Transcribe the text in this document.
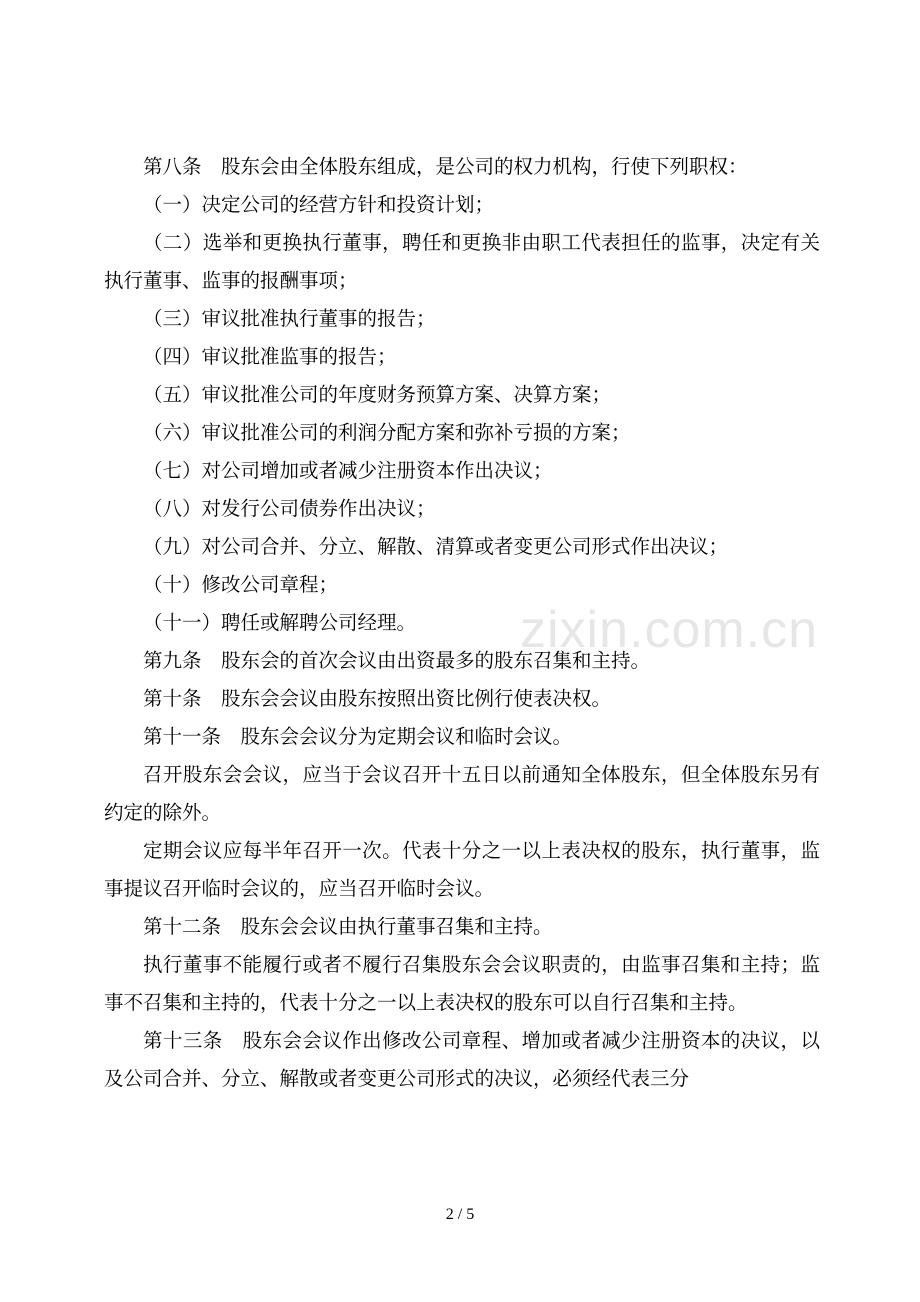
第八条　股东会由全体股东组成，是公司的权力机构，行使下列职权：

（一）决定公司的经营方针和投资计划；

（二）选举和更换执行董事，聘任和更换非由职工代表担任的监事，决定有关执行董事、监事的报酬事项；

（三）审议批准执行董事的报告；

（四）审议批准监事的报告；

（五）审议批准公司的年度财务预算方案、决算方案；

（六）审议批准公司的利润分配方案和弥补亏损的方案；

（七）对公司增加或者减少注册资本作出决议；

（八）对发行公司债券作出决议；

（九）对公司合并、分立、解散、清算或者变更公司形式作出决议；

（十）修改公司章程；

（十一）聘任或解聘公司经理。

第九条　股东会的首次会议由出资最多的股东召集和主持。

第十条　股东会会议由股东按照出资比例行使表决权。

第十一条　股东会会议分为定期会议和临时会议。

召开股东会会议，应当于会议召开十五日以前通知全体股东，但全体股东另有约定的除外。

定期会议应每半年召开一次。代表十分之一以上表决权的股东，执行董事，监事提议召开临时会议的，应当召开临时会议。

第十二条　股东会会议由执行董事召集和主持。

执行董事不能履行或者不履行召集股东会会议职责的，由监事召集和主持；监事不召集和主持的，代表十分之一以上表决权的股东可以自行召集和主持。

第十三条　股东会会议作出修改公司章程、增加或者减少注册资本的决议，以及公司合并、分立、解散或者变更公司形式的决议，必须经代表三分

zixin.com.cn
2 / 5
